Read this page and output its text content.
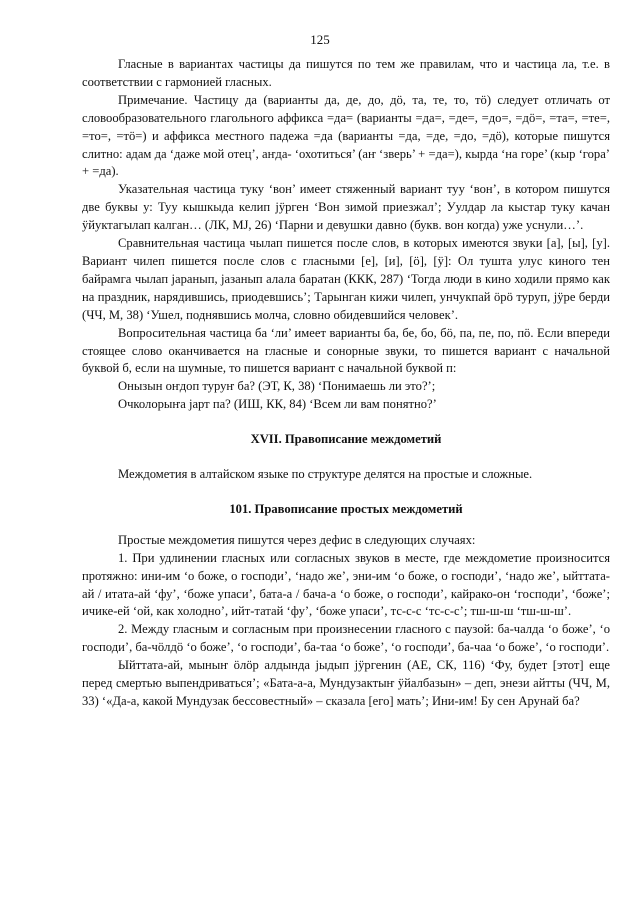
125

Гласные в вариантах частицы да пишутся по тем же правилам, что и частица ла, т.е. в соответствии с гармонией гласных.

Примечание. Частицу да (варианты да, де, до, дӧ, та, те, то, тӧ) следует отличать от словообразовательного глагольного аффикса =да= (варианты =да=, =де=, =до=, =дӧ=, =та=, =те=, =то=, =тӧ=) и аффикса местного падежа =да (варианты =да, =де, =до, =дӧ), которые пишутся слитно: адам да ‘даже мой отец’, аҥда- ‘охотиться’ (аҥ ‘зверь’ + =да=), кырда ‘на горе’ (кыр ‘гора’ + =да).

Указательная частица туку ‘вон’ имеет стяженный вариант туу ‘вон’, в котором пишутся две буквы у: Туу кышкыда келип јӱрген ‘Вон зимой приезжал’; Уулдар ла кыстар туку качан ӱйуктагылап калган… (ЛК, МЈ, 26) ‘Парни и девушки давно (букв. вон когда) уже уснули…’.

Сравнительная частица чылап пишется после слов, в которых имеются звуки [а], [ы], [у]. Вариант чилеп пишется после слов с гласными [е], [и], [ӧ], [ӱ]: Ол тушта улус киного тен байрамга чылап јаранып, јазанып алала баратан (ККК, 287) ‘Тогда люди в кино ходили прямо как на праздник, нарядившись, приодевшись’; Тарынган кижи чилеп, унчукпай ӧрӧ туруп, јӱре берди (ЧЧ, М, 38) ‘Ушел, поднявшись молча, словно обидевшийся человек’.

Вопросительная частица ба ‘ли’ имеет варианты ба, бе, бо, бӧ, па, пе, по, пӧ. Если впереди стоящее слово оканчивается на гласные и сонорные звуки, то пишется вариант с начальной буквой б, если на шумные, то пишется вариант с начальной буквой п:

Онызын оҥдоп туруҥ ба? (ЭТ, К, 38) ‘Понимаешь ли это?’;

Очколорыҥа јарт па? (ИШ, КК, 84) ‘Всем ли вам понятно?’

XVII. Правописание междометий

Междометия в алтайском языке по структуре делятся на простые и сложные.

101. Правописание простых междометий

Простые междометия пишутся через дефис в следующих случаях:

1. При удлинении гласных или согласных звуков в месте, где междометие произносится протяжно: ини-им ‘о боже, о господи’, ‘надо же’, эни-им ‘о боже, о господи’, ‘надо же’, ыйттата-ай / итата-ай ‘фу’, ‘боже упаси’, бата-а / бача-а ‘о боже, о господи’, кайрако-он ‘господи’, ‘боже’; ичике-ей ‘ой, как холодно’, ийт-татай ‘фу’, ‘боже упаси’, тс-с-с ‘тс-с-с’; тш-ш-ш ‘тш-ш-ш’.

2. Между гласным и согласным при произнесении гласного с паузой: ба-чалда ‘о боже’, ‘о господи’, ба-чӧлдӧ ‘о боже’, ‘о господи’, ба-таа ‘о боже’, ‘о господи’, ба-чаа ‘о боже’, ‘о господи’.

Ыйттата-ай, мыныҥ ӧлӧр алдында јыдып јӱргенин (АЕ, СК, 116) ‘Фу, будет [этот] еще перед смертью выпендриваться’; «Бата-а-а, Мундузактыҥ ӱйалбазын» – деп, энези айтты (ЧЧ, М, 33) ‘«Да-а, какой Мундузак бессовестный» – сказала [его] мать’; Ини-им! Бу сен Арунай ба?
